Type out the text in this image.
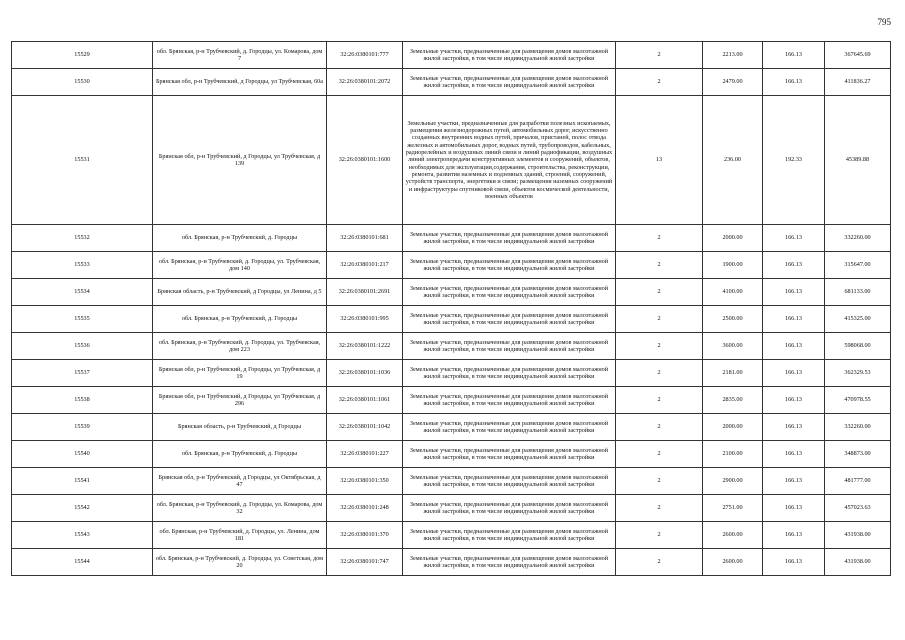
795
15529	обл. Брянская, р-н Трубчевский, д. Городцы, ул. Комарова, дом 7	32:26:0380101:777	Земельные участки, предназначенные для размещения домов малоэтажной жилой застройки, в том числе индивидуальной жилой застройки	2	2213.00	166.13	367645.69
15530	Брянская обл, р-н Трубчевский, д Городцы, ул Трубчевская, 60а	32:26:0380101:2072	Земельные участки, предназначенные для размещения домов малоэтажной жилой застройки, в том числе индивидуальной жилой застройки	2	2479.00	166.13	411836.27
15531	Брянская обл, р-н Трубчевский, д Городцы, ул Трубчевская, д 139	32:26:0380101:1600	Земельные участки, предназначенные для разработки полезных ископаемых, размещения железнодорожных путей, автомобильных дорог, искусственно созданных внутренних водных путей, причалов, пристаней, полос отвода железных и автомобильных дорог, водных путей, трубопроводов, кабельных, радиорелейных и воздушных линий связи и линий радиофикации, воздушных линий электропередачи конструктивных элементов и сооружений, объектов, необходимых для эксплуатации,содержания, строительства, реконструкции, ремонта, развития наземных и подземных зданий, строений, сооружений, устройств транспорта, энергетики и связи; размещения наземных сооружений и инфраструктуры спутниковой связи, объектов космической деятельности, военных объектов	13	236.00	192.33	45389.88
15532	обл. Брянская, р-н Трубчевский, д. Городцы	32:26:0380101:681	Земельные участки, предназначенные для размещения домов малоэтажной жилой застройки, в том числе индивидуальной жилой застройки	2	2000.00	166.13	332260.00
15533	обл. Брянская, р-н Трубчевский, д. Городцы, ул. Трубчевская, дом 140	32:26:0380101:217	Земельные участки, предназначенные для размещения домов малоэтажной жилой застройки, в том числе индивидуальной жилой застройки	2	1900.00	166.13	315647.00
15534	Брянская область, р-н Трубчевский, д Городцы, ул Ленина, д 5	32:26:0380101:2691	Земельные участки, предназначенные для размещения домов малоэтажной жилой застройки, в том числе индивидуальной жилой застройки	2	4100.00	166.13	681133.00
15535	обл. Брянская, р-н Трубчевский, д. Городцы	32:26:0380101:995	Земельные участки, предназначенные для размещения домов малоэтажной жилой застройки, в том числе индивидуальной жилой застройки	2	2500.00	166.13	415325.00
15536	обл. Брянская, р-н Трубчевский, д. Городцы, ул. Трубчевская, дом 223	32:26:0380101:1222	Земельные участки, предназначенные для размещения домов малоэтажной жилой застройки, в том числе индивидуальной жилой застройки	2	3600.00	166.13	598068.00
15537	Брянская обл, р-н Трубчевский, д Городцы, ул Трубчевская, д 19	32:26:0380101:1036	Земельные участки, предназначенные для размещения домов малоэтажной жилой застройки, в том числе индивидуальной жилой застройки	2	2181.00	166.13	362329.53
15538	Брянская обл, р-н Трубчевский, д Городцы, ул Трубчевская, д 296	32:26:0380101:1061	Земельные участки, предназначенные для размещения домов малоэтажной жилой застройки, в том числе индивидуальной жилой застройки	2	2835.00	166.13	470978.55
15539	Брянская область, р-н Трубчевский, д Городцы	32:26:0380101:1042	Земельные участки, предназначенные для размещения домов малоэтажной жилой застройки, в том числе индивидуальной жилой застройки	2	2000.00	166.13	332260.00
15540	обл. Брянская, р-н Трубчевский, д. Городцы	32:26:0380101:227	Земельные участки, предназначенные для размещения домов малоэтажной жилой застройки, в том числе индивидуальной жилой застройки	2	2100.00	166.13	348873.00
15541	Брянская обл, р-н Трубчевский, д Городцы, ул Октябрьская, д 47	32:26:0380101:350	Земельные участки, предназначенные для размещения домов малоэтажной жилой застройки, в том числе индивидуальной жилой застройки	2	2900.00	166.13	481777.00
15542	обл. Брянская, р-н Трубчевский, д. Городцы, ул. Комарова, дом 32	32:26:0380101:248	Земельные участки, предназначенные для размещения домов малоэтажной жилой застройки, в том числе индивидуальной жилой застройки	2	2751.00	166.13	457023.63
15543	обл. Брянская, р-н Трубчевский, д. Городцы, ул. Ленина, дом 181	32:26:0380101:370	Земельные участки, предназначенные для размещения домов малоэтажной жилой застройки, в том числе индивидуальной жилой застройки	2	2600.00	166.13	431938.00
15544	обл. Брянская, р-н Трубчевский, д. Городцы, ул. Советская, дом 20	32:26:0380101:747	Земельные участки, предназначенные для размещения домов малоэтажной жилой застройки, в том числе индивидуальной жилой застройки	2	2600.00	166.13	431938.00
